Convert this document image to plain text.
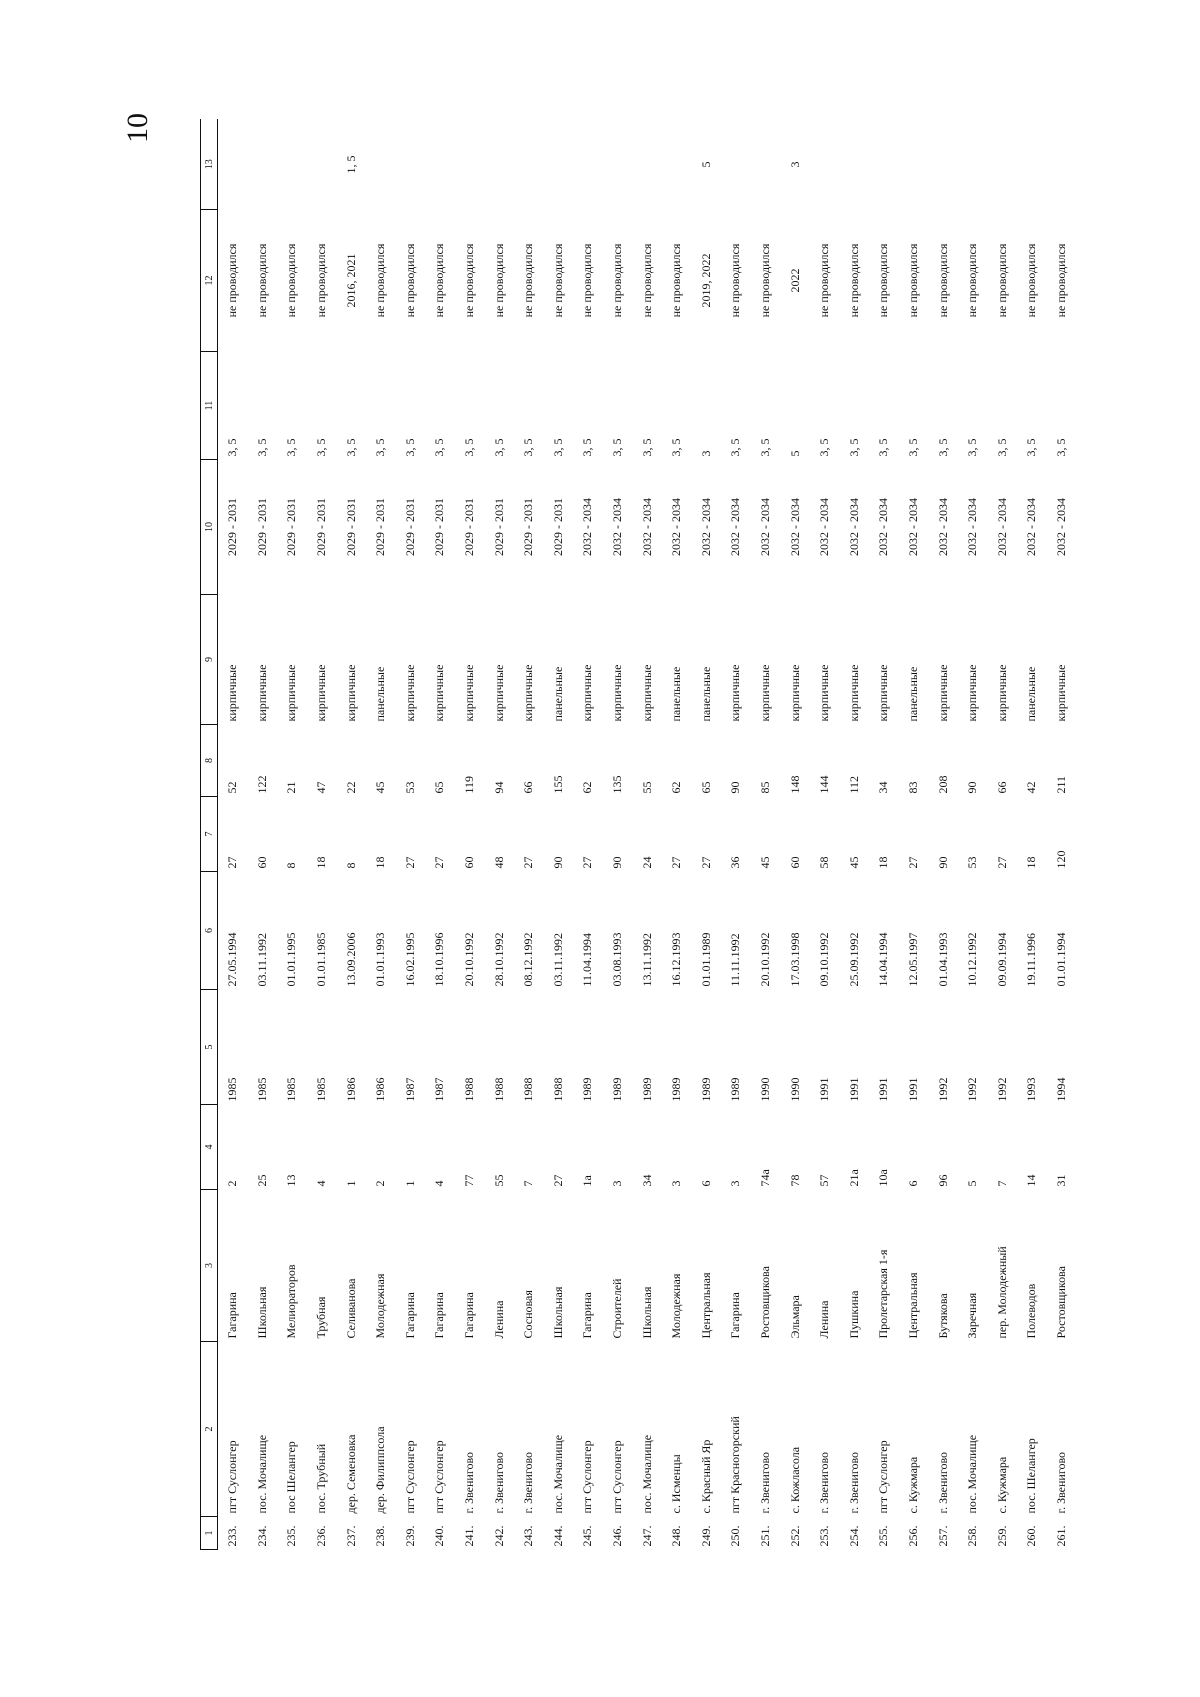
10
1	2	3	4	5	6	7	8	9	10	11	12	13
233.	пгт Суслонгер	Гагарина	2	1985	27.05.1994	27	52	кирпичные	2029 - 2031	3, 5	не проводился	
234.	пос. Мочалище	Школьная	25	1985	03.11.1992	60	122	кирпичные	2029 - 2031	3, 5	не проводился	
235.	пос Шелангер	Мелиораторов	13	1985	01.01.1995	8	21	кирпичные	2029 - 2031	3, 5	не проводился	
236.	пос. Трубный	Трубная	4	1985	01.01.1985	18	47	кирпичные	2029 - 2031	3, 5	не проводился	
237.	дер. Семеновка	Селиванова	1	1986	13.09.2006	8	22	кирпичные	2029 - 2031	3, 5	2016, 2021	1, 5
238.	дер. Филиппсола	Молодежная	2	1986	01.01.1993	18	45	панельные	2029 - 2031	3, 5	не проводился	
239.	пгт Суслонгер	Гагарина	1	1987	16.02.1995	27	53	кирпичные	2029 - 2031	3, 5	не проводился	
240.	пгт Суслонгер	Гагарина	4	1987	18.10.1996	27	65	кирпичные	2029 - 2031	3, 5	не проводился	
241.	г. Звенигово	Гагарина	77	1988	20.10.1992	60	119	кирпичные	2029 - 2031	3, 5	не проводился	
242.	г. Звенигово	Ленина	55	1988	28.10.1992	48	94	кирпичные	2029 - 2031	3, 5	не проводился	
243.	г. Звенигово	Сосновая	7	1988	08.12.1992	27	66	кирпичные	2029 - 2031	3, 5	не проводился	
244.	пос. Мочалище	Школьная	27	1988	03.11.1992	90	155	панельные	2029 - 2031	3, 5	не проводился	
245.	пгт Суслонгер	Гагарина	1а	1989	11.04.1994	27	62	кирпичные	2032 - 2034	3, 5	не проводился	
246.	пгт Суслонгер	Строителей	3	1989	03.08.1993	90	135	кирпичные	2032 - 2034	3, 5	не проводился	
247.	пос. Мочалище	Школьная	34	1989	13.11.1992	24	55	кирпичные	2032 - 2034	3, 5	не проводился	
248.	с. Исменцы	Молодежная	3	1989	16.12.1993	27	62	панельные	2032 - 2034	3, 5	не проводился	
249.	с. Красный Яр	Центральная	6	1989	01.01.1989	27	65	панельные	2032 - 2034	3	2019, 2022	5
250.	пгт Красногорский	Гагарина	3	1989	11.11.1992	36	90	кирпичные	2032 - 2034	3, 5	не проводился	
251.	г. Звенигово	Ростовщикова	74а	1990	20.10.1992	45	85	кирпичные	2032 - 2034	3, 5	не проводился	
252.	с. Кожласола	Эльмара	78	1990	17.03.1998	60	148	кирпичные	2032 - 2034	5	2022	3
253.	г. Звенигово	Ленина	57	1991	09.10.1992	58	144	кирпичные	2032 - 2034	3, 5	не проводился	
254.	г. Звенигово	Пушкина	21а	1991	25.09.1992	45	112	кирпичные	2032 - 2034	3, 5	не проводился	
255.	пгт Суслонгер	Пролетарская 1-я	10а	1991	14.04.1994	18	34	кирпичные	2032 - 2034	3, 5	не проводился	
256.	с. Кужмара	Центральная	6	1991	12.05.1997	27	83	панельные	2032 - 2034	3, 5	не проводился	
257.	г. Звенигово	Бутякова	96	1992	01.04.1993	90	208	кирпичные	2032 - 2034	3, 5	не проводился	
258.	пос. Мочалище	Заречная	5	1992	10.12.1992	53	90	кирпичные	2032 - 2034	3, 5	не проводился	
259.	с. Кужмара	пер. Молодежный	7	1992	09.09.1994	27	66	кирпичные	2032 - 2034	3, 5	не проводился	
260.	пос. Шелангер	Полеводов	14	1993	19.11.1996	18	42	панельные	2032 - 2034	3, 5	не проводился	
261.	г. Звенигово	Ростовщикова	31	1994	01.01.1994	120	211	кирпичные	2032 - 2034	3, 5	не проводился	
